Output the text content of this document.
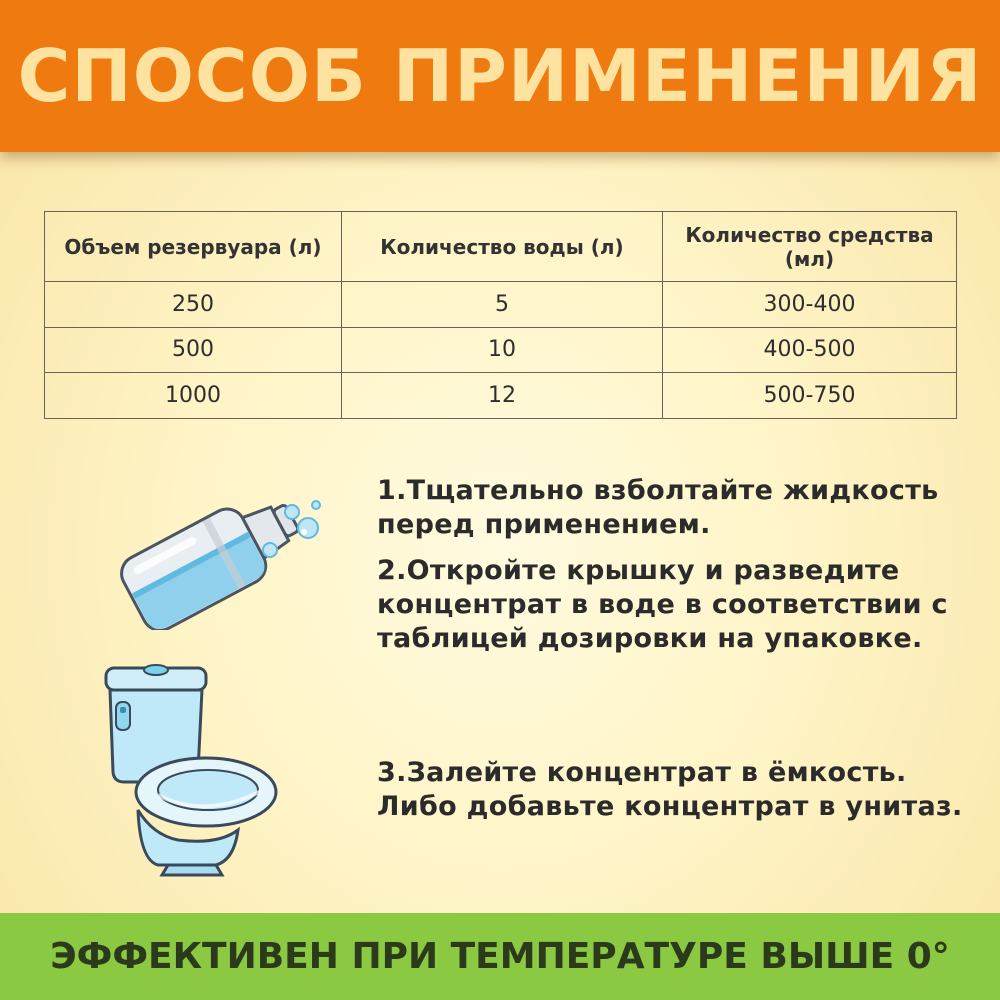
СПОСОБ ПРИМЕНЕНИЯ
Объем резервуара (л)	Количество воды (л)	Количество средства (мл)
250	5	300-400
500	10	400-500
1000	12	500-750

1.Тщательно взболтайте жидкость

перед применением.

2.Откройте крышку и разведите

концентрат в воде в соответствии с

таблицей дозировки на упаковке.

3.Залейте концентрат в ёмкость.

Либо добавьте концентрат в унитаз.

ЭФФЕКТИВЕН ПРИ ТЕМПЕРАТУРЕ ВЫШЕ 0°
